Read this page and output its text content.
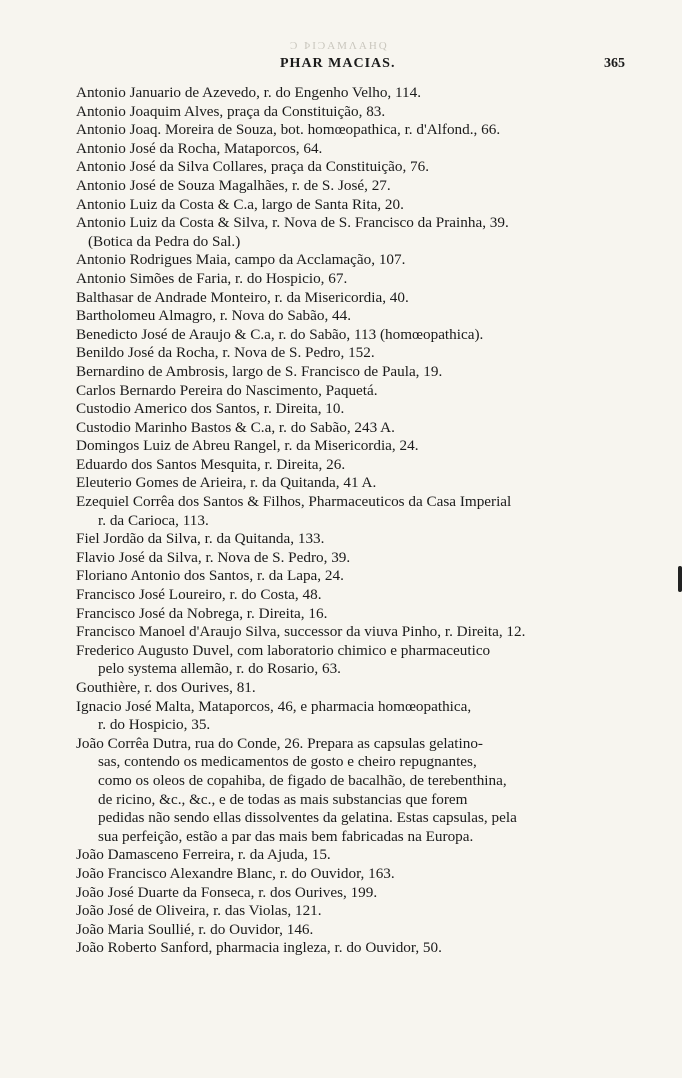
Ɔ ϷIϽAMɅAHQ
PHAR MACIAS.	365
Antonio Januario de Azevedo, r. do Engenho Velho, 114.
Antonio Joaquim Alves, praça da Constituição, 83.
Antonio Joaq. Moreira de Souza, bot. homœopathica, r. d'Alfond., 66.
Antonio José da Rocha, Mataporcos, 64.
Antonio José da Silva Collares, praça da Constituição, 76.
Antonio José de Souza Magalhães, r. de S. José, 27.
Antonio Luiz da Costa & C.a, largo de Santa Rita, 20.
Antonio Luiz da Costa & Silva, r. Nova de S. Francisco da Prainha, 39.
(Botica da Pedra do Sal.)
Antonio Rodrigues Maia, campo da Acclamação, 107.
Antonio Simões de Faria, r. do Hospicio, 67.
Balthasar de Andrade Monteiro, r. da Misericordia, 40.
Bartholomeu Almagro, r. Nova do Sabão, 44.
Benedicto José de Araujo & C.a, r. do Sabão, 113 (homœopathica).
Benildo José da Rocha, r. Nova de S. Pedro, 152.
Bernardino de Ambrosis, largo de S. Francisco de Paula, 19.
Carlos Bernardo Pereira do Nascimento, Paquetá.
Custodio Americo dos Santos, r. Direita, 10.
Custodio Marinho Bastos & C.a, r. do Sabão, 243 A.
Domingos Luiz de Abreu Rangel, r. da Misericordia, 24.
Eduardo dos Santos Mesquita, r. Direita, 26.
Eleuterio Gomes de Arieira, r. da Quitanda, 41 A.
Ezequiel Corrêa dos Santos & Filhos, Pharmaceuticos da Casa Imperial
r. da Carioca, 113.
Fiel Jordão da Silva, r. da Quitanda, 133.
Flavio José da Silva, r. Nova de S. Pedro, 39.
Floriano Antonio dos Santos, r. da Lapa, 24.
Francisco José Loureiro, r. do Costa, 48.
Francisco José da Nobrega, r. Direita, 16.
Francisco Manoel d'Araujo Silva, successor da viuva Pinho, r. Direita, 12.
Frederico Augusto Duvel, com laboratorio chimico e pharmaceutico
pelo systema allemão, r. do Rosario, 63.
Gouthière, r. dos Ourives, 81.
Ignacio José Malta, Mataporcos, 46, e pharmacia homœopathica,
r. do Hospicio, 35.
João Corrêa Dutra, rua do Conde, 26. Prepara as capsulas gelatino-
sas, contendo os medicamentos de gosto e cheiro repugnantes,
como os oleos de copahiba, de figado de bacalhão, de terebenthina,
de ricino, &c., &c., e de todas as mais substancias que forem
pedidas não sendo ellas dissolventes da gelatina. Estas capsulas, pela
sua perfeição, estão a par das mais bem fabricadas na Europa.
João Damasceno Ferreira, r. da Ajuda, 15.
João Francisco Alexandre Blanc, r. do Ouvidor, 163.
João José Duarte da Fonseca, r. dos Ourives, 199.
João José de Oliveira, r. das Violas, 121.
João Maria Soullié, r. do Ouvidor, 146.
João Roberto Sanford, pharmacia ingleza, r. do Ouvidor, 50.
